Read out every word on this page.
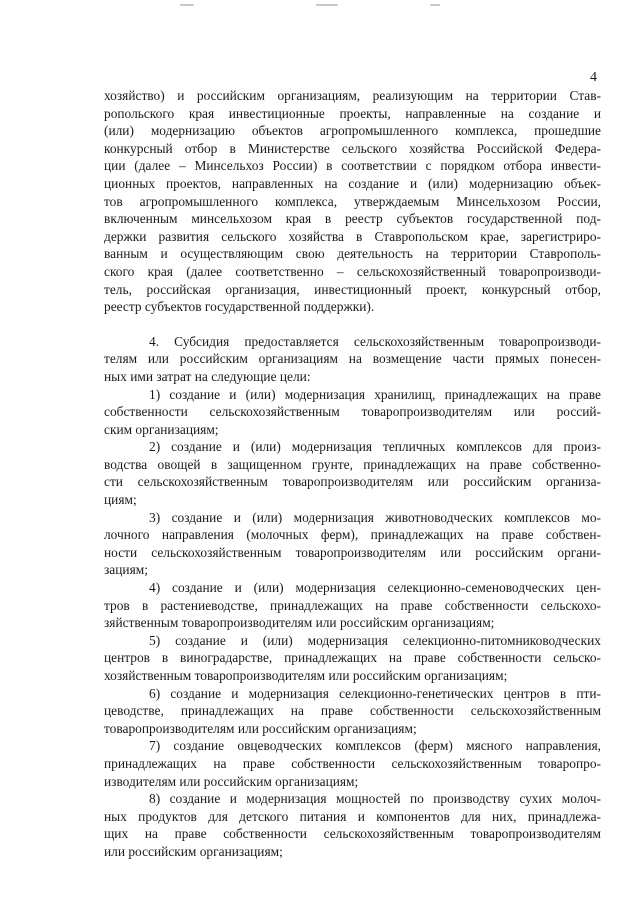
4
хозяйство) и российским организациям, реализующим на территории Став-
ропольского края инвестиционные проекты, направленные на создание и
(или) модернизацию объектов агропромышленного комплекса, прошедшие
конкурсный отбор в Министерстве сельского хозяйства Российской Федера-
ции (далее – Минсельхоз России) в соответствии с порядком отбора инвести-
ционных проектов, направленных на создание и (или) модернизацию объек-
тов агропромышленного комплекса, утверждаемым Минсельхозом России,
включенным минсельхозом края в реестр субъектов государственной под-
держки развития сельского хозяйства в Ставропольском крае, зарегистриро-
ванным и осуществляющим свою деятельность на территории Ставрополь-
ского края (далее соответственно – сельскохозяйственный товаропроизводи-
тель, российская организация, инвестиционный проект, конкурсный отбор,
реестр субъектов государственной поддержки).
4. Субсидия предоставляется сельскохозяйственным товаропроизводи-
телям или российским организациям на возмещение части прямых понесен-
ных ими затрат на следующие цели:
1) создание и (или) модернизация хранилищ, принадлежащих на праве
собственности сельскохозяйственным товаропроизводителям или россий-
ским организациям;
2) создание и (или) модернизация тепличных комплексов для произ-
водства овощей в защищенном грунте, принадлежащих на праве собственно-
сти сельскохозяйственным товаропроизводителям или российским организа-
циям;
3) создание и (или) модернизация животноводческих комплексов мо-
лочного направления (молочных ферм), принадлежащих на праве собствен-
ности сельскохозяйственным товаропроизводителям или российским органи-
зациям;
4) создание и (или) модернизация селекционно-семеноводческих цен-
тров в растениеводстве, принадлежащих на праве собственности сельскохо-
зяйственным товаропроизводителям или российским организациям;
5) создание и (или) модернизация селекционно-питомниководческих
центров в виноградарстве, принадлежащих на праве собственности сельско-
хозяйственным товаропроизводителям или российским организациям;
6) создание и модернизация селекционно-генетических центров в пти-
цеводстве, принадлежащих на праве собственности сельскохозяйственным
товаропроизводителям или российским организациям;
7) создание овцеводческих комплексов (ферм) мясного направления,
принадлежащих на праве собственности сельскохозяйственным товаропро-
изводителям или российским организациям;
8) создание и модернизация мощностей по производству сухих молоч-
ных продуктов для детского питания и компонентов для них, принадлежа-
щих на праве собственности сельскохозяйственным товаропроизводителям
или российским организациям;
